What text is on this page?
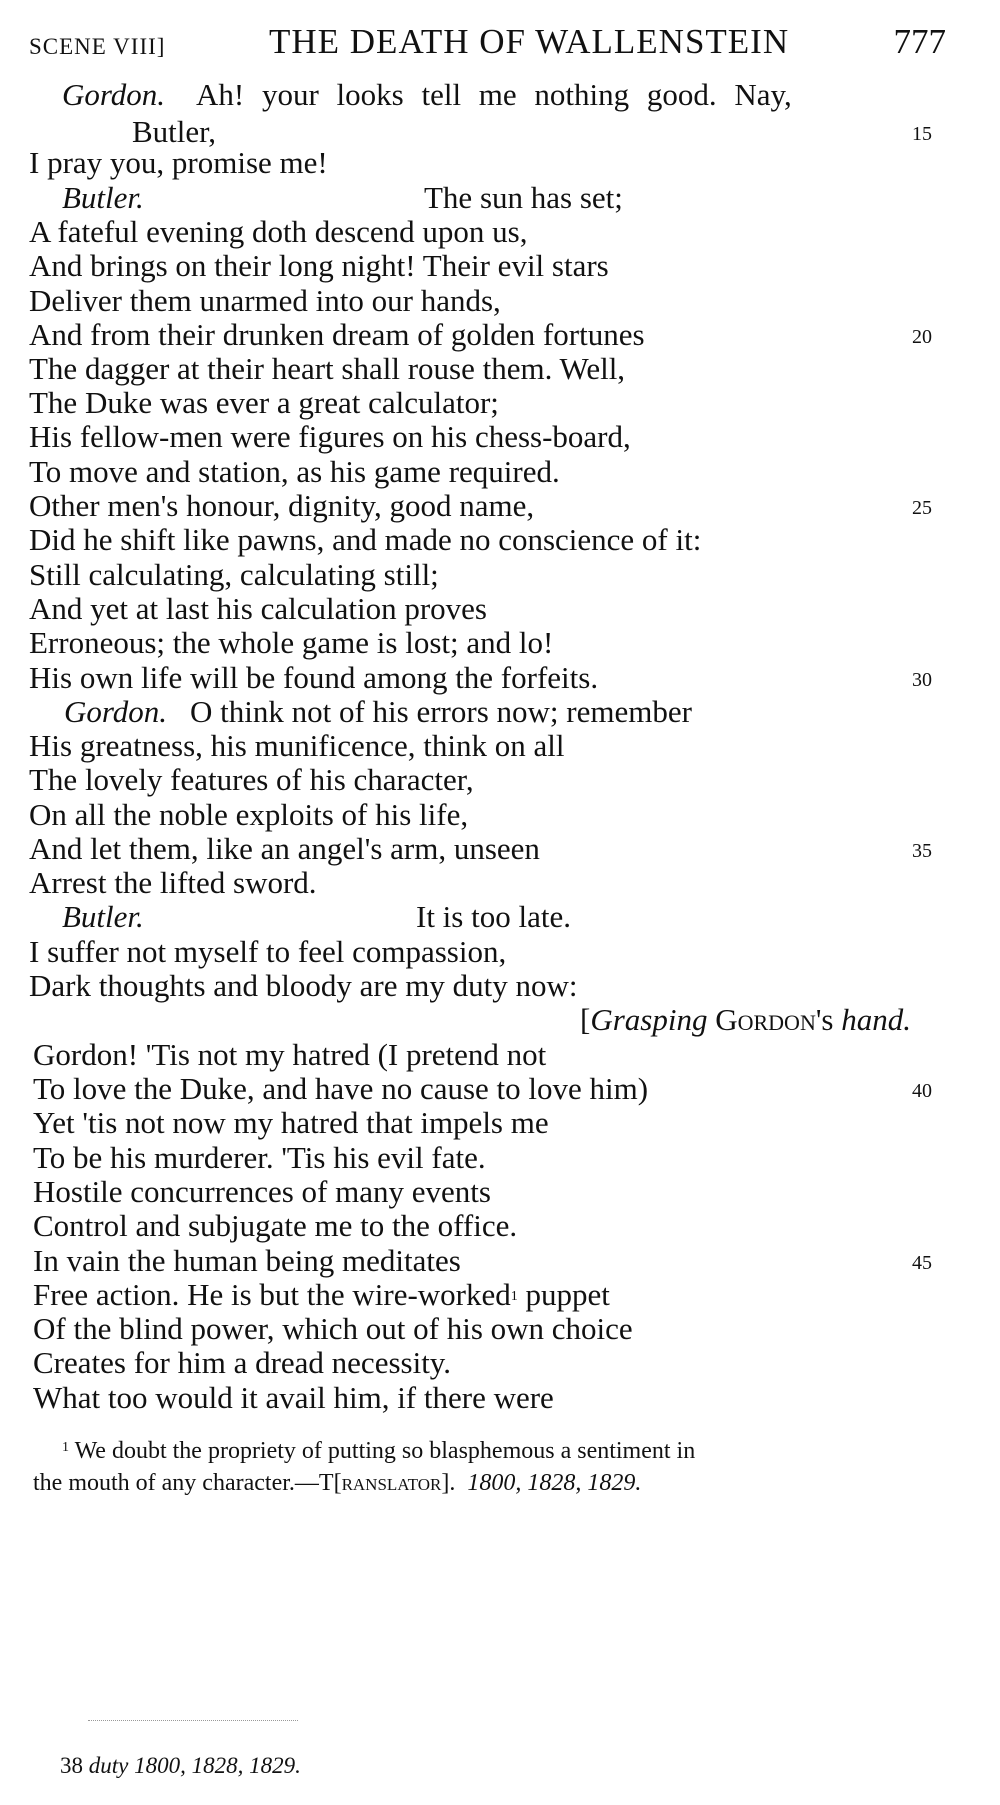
SCENE VIII]	THE DEATH OF WALLENSTEIN	777
Gordon. Ah! your looks tell me nothing good. Nay,
Butler,	15
I pray you, promise me!
Butler.	The sun has set;
A fateful evening doth descend upon us,
And brings on their long night! Their evil stars
Deliver them unarmed into our hands,
And from their drunken dream of golden fortunes	20
The dagger at their heart shall rouse them. Well,
The Duke was ever a great calculator;
His fellow-men were figures on his chess-board,
To move and station, as his game required.
Other men's honour, dignity, good name,	25
Did he shift like pawns, and made no conscience of it:
Still calculating, calculating still;
And yet at last his calculation proves
Erroneous; the whole game is lost; and lo!
His own life will be found among the forfeits.	30
Gordon. O think not of his errors now; remember
His greatness, his munificence, think on all
The lovely features of his character,
On all the noble exploits of his life,
And let them, like an angel's arm, unseen	35
Arrest the lifted sword.
Butler.	It is too late.
I suffer not myself to feel compassion,
Dark thoughts and bloody are my duty now:
[Grasping Gordon's hand.
Gordon! 'Tis not my hatred (I pretend not
To love the Duke, and have no cause to love him)	40
Yet 'tis not now my hatred that impels me
To be his murderer. 'Tis his evil fate.
Hostile concurrences of many events
Control and subjugate me to the office.
In vain the human being meditates	45
Free action. He is but the wire-worked$^1$ puppet
Of the blind power, which out of his own choice
Creates for him a dread necessity.
What too would it avail him, if there were
$^1$ We doubt the propriety of putting so blasphemous a sentiment in
the mouth of any character.—T[ranslator]. 1800, 1828, 1829.
38 duty 1800, 1828, 1829.
